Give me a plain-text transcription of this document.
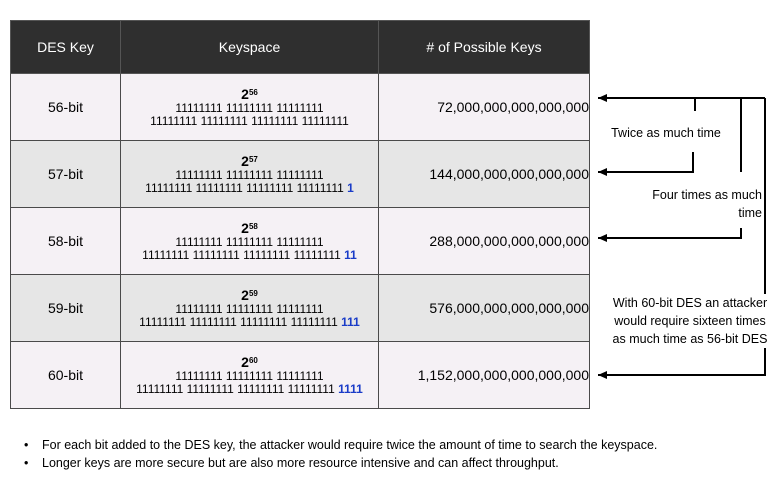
DES Key	Keyspace	# of Possible Keys
56-bit	$2^{56}$
11111111 11111111 11111111
11111111 11111111 11111111 11111111	72,000,000,000,000,000
57-bit	$2^{57}$
11111111 11111111 11111111
11111111 11111111 11111111 11111111 1	144,000,000,000,000,000
58-bit	$2^{58}$
11111111 11111111 11111111
11111111 11111111 11111111 11111111 11	288,000,000,000,000,000
59-bit	$2^{59}$
11111111 11111111 11111111
11111111 11111111 11111111 11111111 111	576,000,000,000,000,000
60-bit	$2^{60}$
11111111 11111111 11111111
11111111 11111111 11111111 11111111 1111	1,152,000,000,000,000,000
Twice as much time
Four times as much
time
With 60-bit DES an attacker
would require sixteen times
as much time as 56-bit DES
• For each bit added to the DES key, the attacker would require twice the amount of time to search the keyspace.
• Longer keys are more secure but are also more resource intensive and can affect throughput.
